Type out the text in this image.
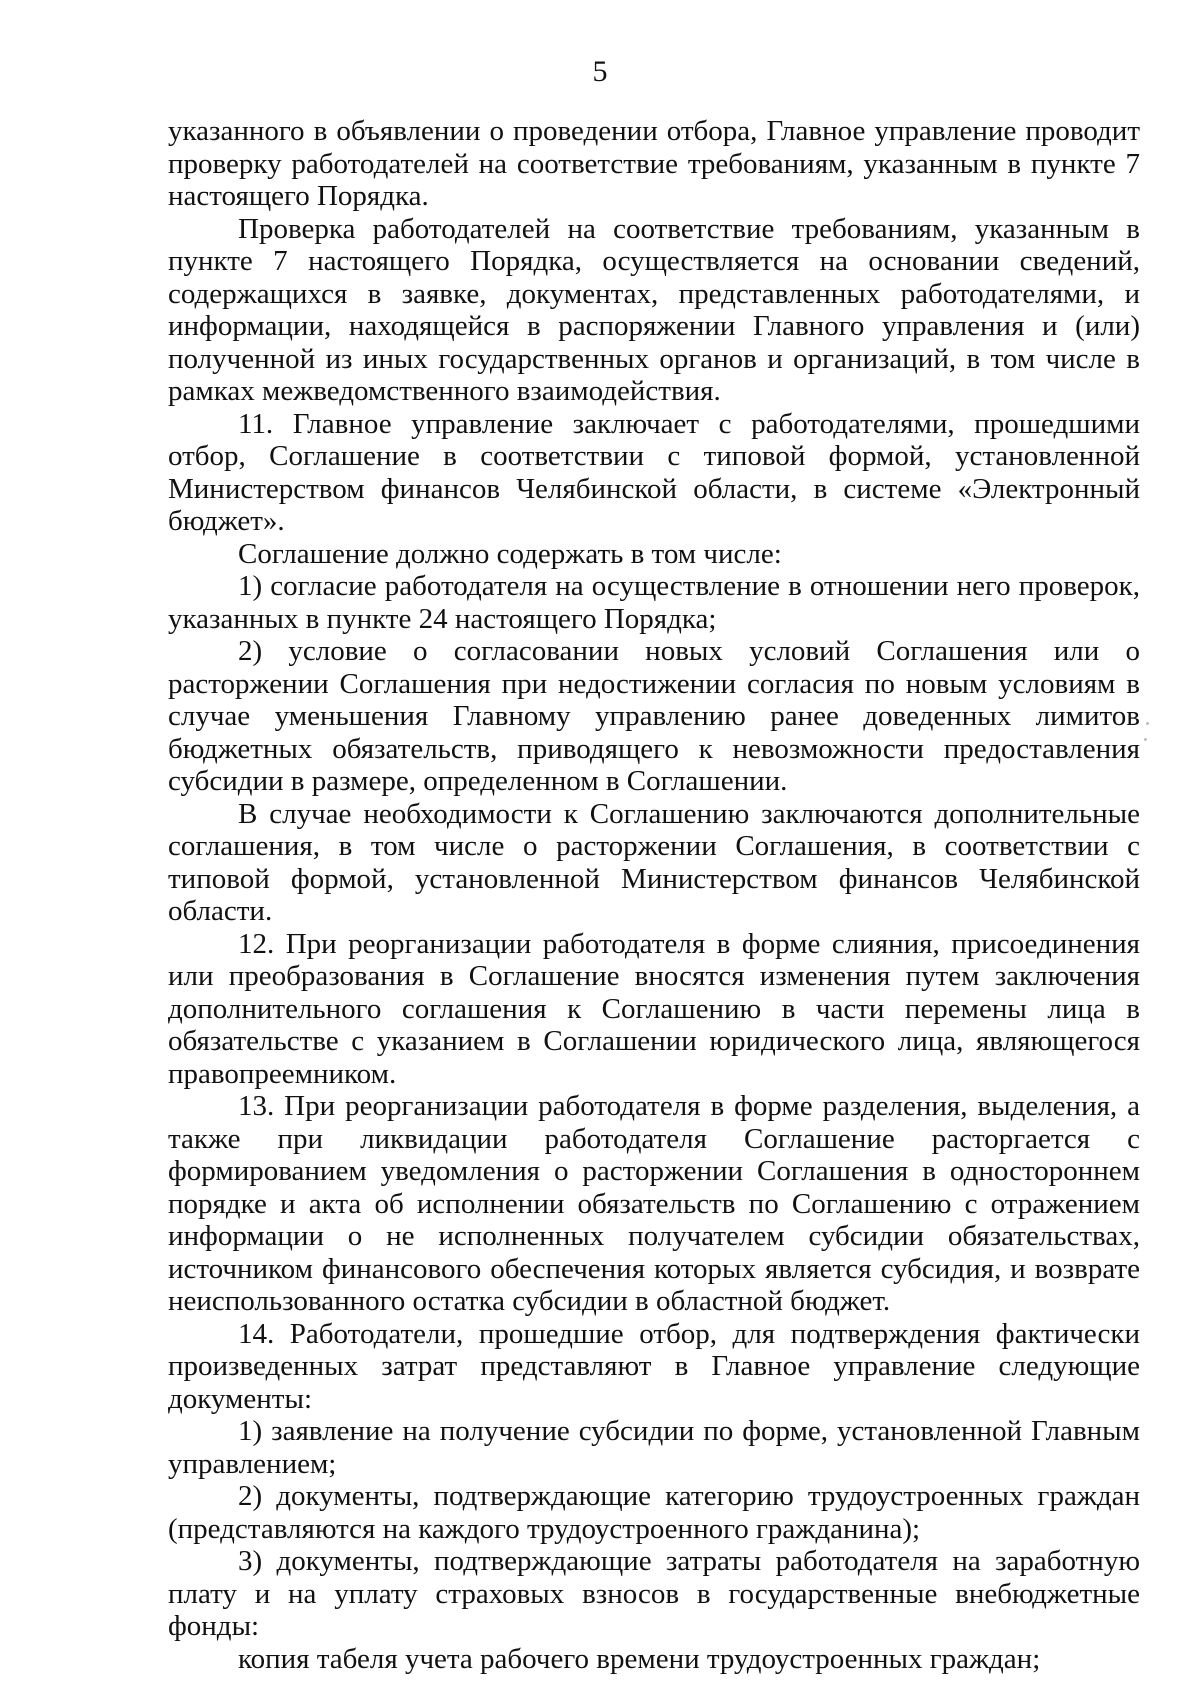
5

указанного в объявлении о проведении отбора, Главное управление проводит проверку работодателей на соответствие требованиям, указанным в пункте 7 настоящего Порядка.

Проверка работодателей на соответствие требованиям, указанным в пункте 7 настоящего Порядка, осуществляется на основании сведений, содержащихся в заявке, документах, представленных работодателями, и информации, находящейся в распоряжении Главного управления и (или) полученной из иных государственных органов и организаций, в том числе в рамках межведомственного взаимодействия.

11. Главное управление заключает с работодателями, прошедшими отбор, Соглашение в соответствии с типовой формой, установленной Министерством финансов Челябинской области, в системе «Электронный бюджет».

Соглашение должно содержать в том числе:

1) согласие работодателя на осуществление в отношении него проверок, указанных в пункте 24 настоящего Порядка;

2) условие о согласовании новых условий Соглашения или о расторжении Соглашения при недостижении согласия по новым условиям в случае уменьшения Главному управлению ранее доведенных лимитов бюджетных обязательств, приводящего к невозможности предоставления субсидии в размере, определенном в Соглашении.

В случае необходимости к Соглашению заключаются дополнительные соглашения, в том числе о расторжении Соглашения, в соответствии с типовой формой, установленной Министерством финансов Челябинской области.

12. При реорганизации работодателя в форме слияния, присоединения или преобразования в Соглашение вносятся изменения путем заключения дополнительного соглашения к Соглашению в части перемены лица в обязательстве с указанием в Соглашении юридического лица, являющегося правопреемником.

13. При реорганизации работодателя в форме разделения, выделения, а также при ликвидации работодателя Соглашение расторгается с формированием уведомления о расторжении Соглашения в одностороннем порядке и акта об исполнении обязательств по Соглашению с отражением информации о не исполненных получателем субсидии обязательствах, источником финансового обеспечения которых является субсидия, и возврате неиспользованного остатка субсидии в областной бюджет.

14. Работодатели, прошедшие отбор, для подтверждения фактически произведенных затрат представляют в Главное управление следующие документы:

1) заявление на получение субсидии по форме, установленной Главным управлением;

2) документы, подтверждающие категорию трудоустроенных граждан (представляются на каждого трудоустроенного гражданина);

3) документы, подтверждающие затраты работодателя на заработную плату и на уплату страховых взносов в государственные внебюджетные фонды:

копия табеля учета рабочего времени трудоустроенных граждан;
